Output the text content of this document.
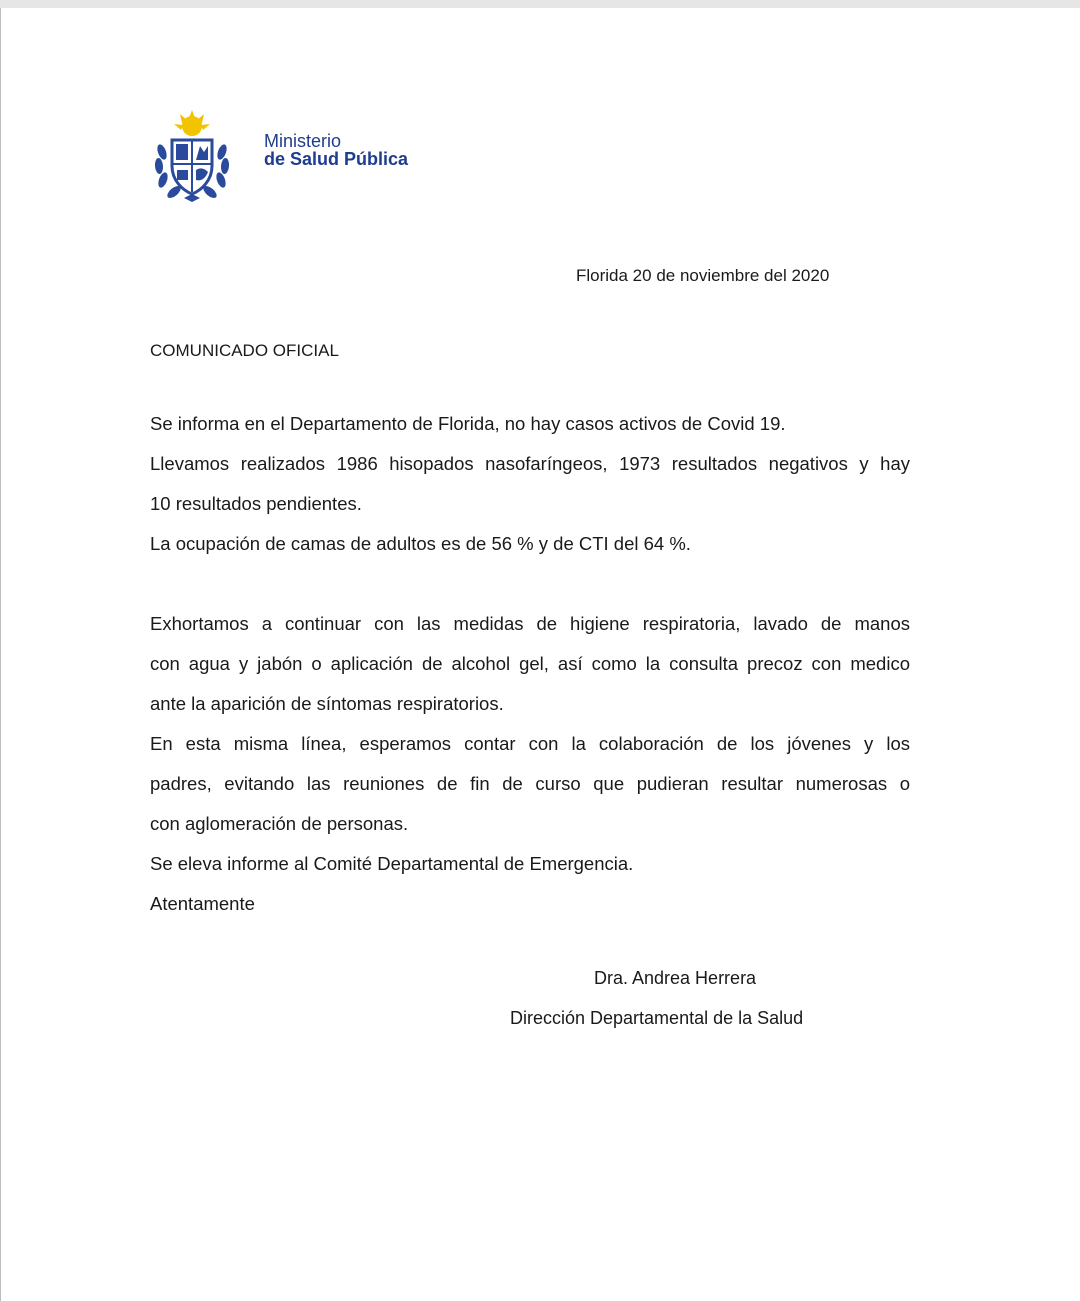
Ministerio
de Salud Pública
Florida 20 de noviembre del 2020
COMUNICADO OFICIAL
Se informa en el Departamento de Florida, no hay casos activos de Covid 19.
Llevamos realizados 1986 hisopados nasofaríngeos, 1973 resultados negativos y hay
10 resultados pendientes.
La ocupación de camas de adultos es de 56 % y de CTI del 64 %.
Exhortamos a continuar con las medidas de higiene respiratoria, lavado de manos
con agua y jabón o aplicación de alcohol gel, así como la consulta precoz con medico
ante la aparición de síntomas respiratorios.
En esta misma línea, esperamos contar con la colaboración de los jóvenes y los
padres, evitando las reuniones de fin de curso que pudieran resultar numerosas o
con aglomeración de personas.
Se eleva informe al Comité Departamental de Emergencia.
Atentamente
Dra. Andrea Herrera
Dirección Departamental de la Salud
